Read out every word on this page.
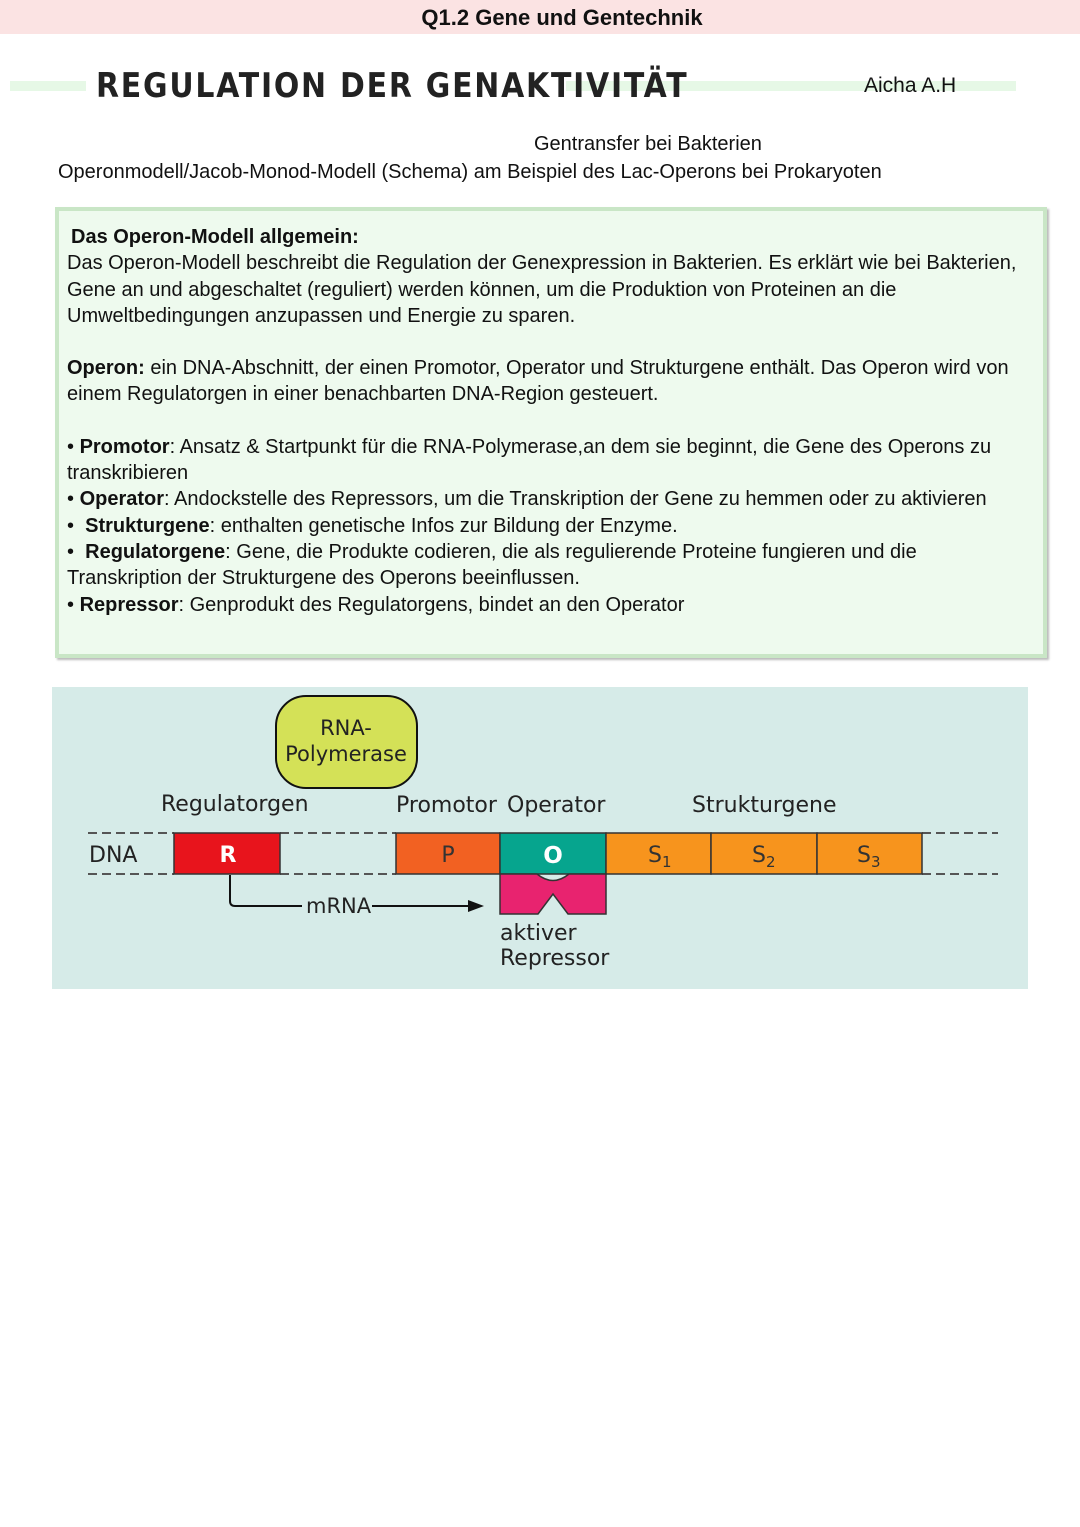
Q1.2 Gene und Gentechnik
REGULATION DER GENAKTIVITÄT	Aicha A.H
Gentransfer bei Bakterien
Operonmodell/Jacob-Monod-Modell (Schema) am Beispiel des Lac-Operons bei Prokaryoten

Das Operon-Modell allgemein:

Das Operon-Modell beschreibt die Regulation der Genexpression in Bakterien. Es erklärt wie bei Bakterien, Gene an und abgeschaltet (reguliert) werden können, um die Produktion von Proteinen an die Umweltbedingungen anzupassen und Energie zu sparen.

Operon: ein DNA-Abschnitt, der einen Promotor, Operator und Strukturgene enthält. Das Operon wird von einem Regulatorgen in einer benachbarten DNA-Region gesteuert.

• Promotor: Ansatz & Startpunkt für die RNA-Polymerase,an dem sie beginnt, die Gene des Operons zu transkribieren

• Operator: Andockstelle des Repressors, um die Transkription der Gene zu hemmen oder zu aktivieren

•  Strukturgene: enthalten genetische Infos zur Bildung der Enzyme.

•  Regulatorgene: Gene, die Produkte codieren, die als regulierende Proteine fungieren und die Transkription der Strukturgene des Operons beeinflussen.

• Repressor: Genprodukt des Regulatorgens, bindet an den Operator

RNA-
Polymerase
Regulatorgen	Promotor Operator	Strukturgene
DNA	R	P	O	$S_1$	$S_2$	$S_3$
aktiver
Repressor
mRNA
